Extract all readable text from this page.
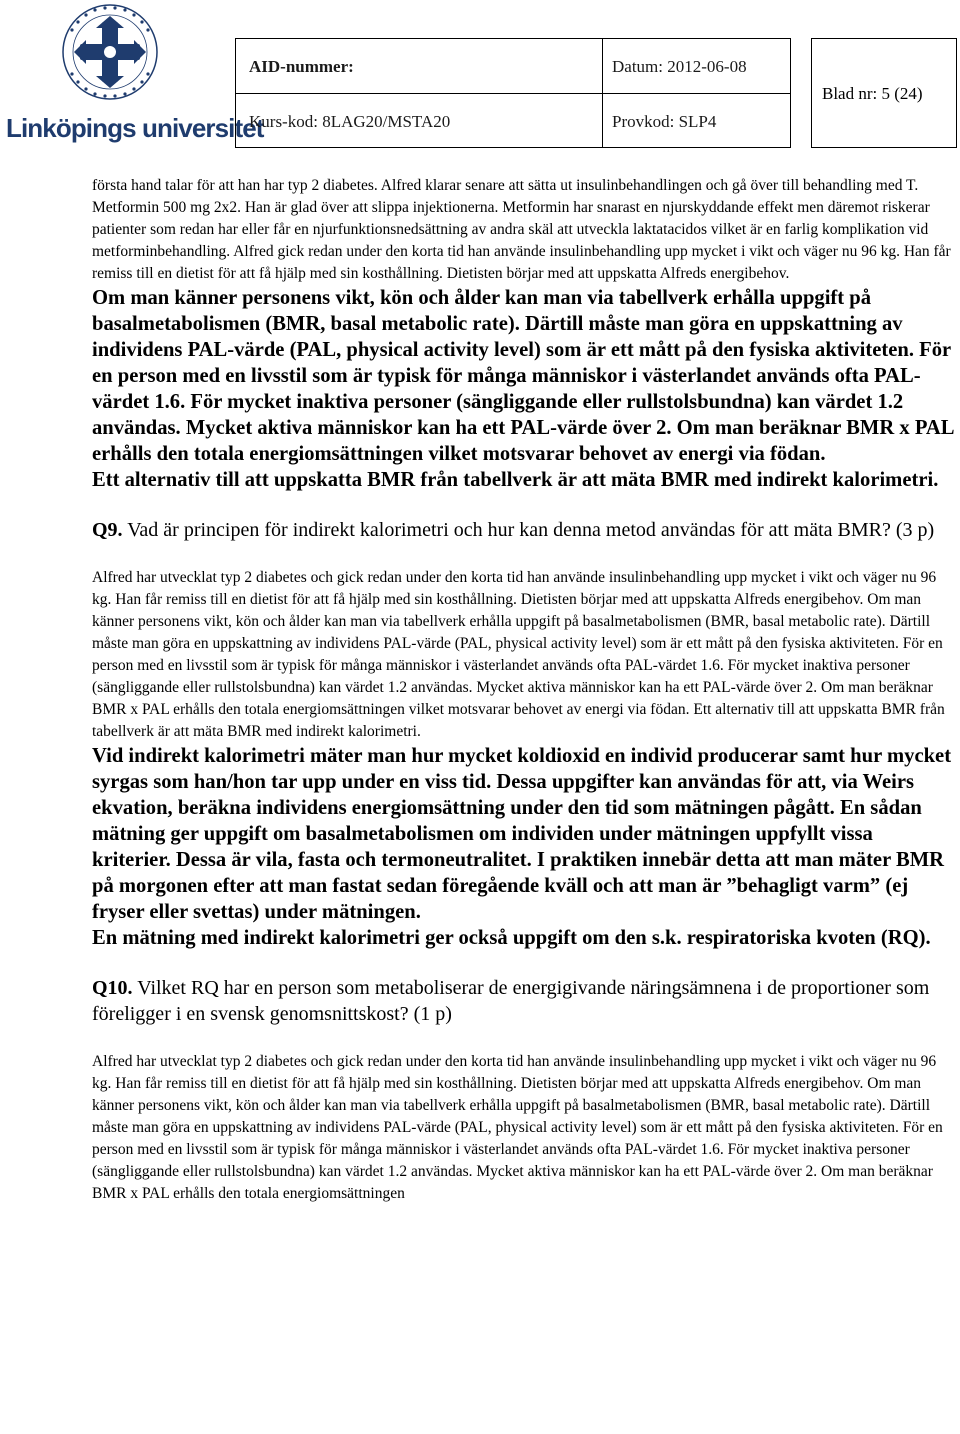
Linköpings universitet
AID-nummer:	Datum: 2012-06-08
Kurs-kod: 8LAG20/MSTA20	Provkod: SLP4
Blad nr: 5 (24)

första hand talar för att han har typ 2 diabetes. Alfred klarar senare att sätta ut insulinbehandlingen och gå över till behandling med T. Metformin 500 mg 2x2. Han är glad över att slippa injektionerna. Metformin har snarast en njurskyddande effekt men däremot riskerar patienter som redan har eller får en njurfunktionsnedsättning av andra skäl att utveckla laktatacidos vilket är en farlig komplikation vid metforminbehandling. Alfred gick redan under den korta tid han använde insulinbehandling upp mycket i vikt och väger nu 96 kg. Han får remiss till en dietist för att få hjälp med sin kosthållning. Dietisten börjar med att uppskatta Alfreds energibehov.

Om man känner personens vikt, kön och ålder kan man via tabellverk erhålla uppgift på basalmetabolismen (BMR, basal metabolic rate). Därtill måste man göra en uppskattning av individens PAL-värde (PAL, physical activity level) som är ett mått på den fysiska aktiviteten. För en person med en livsstil som är typisk för många människor i västerlandet används ofta PAL-värdet 1.6. För mycket inaktiva personer (sängliggande eller rullstolsbundna) kan värdet 1.2 användas. Mycket aktiva människor kan ha ett PAL-värde över 2. Om man beräknar BMR x PAL erhålls den totala energiomsättningen vilket motsvarar behovet av energi via födan.

Ett alternativ till att uppskatta BMR från tabellverk är att mäta BMR med indirekt kalorimetri.

Q9. Vad är principen för indirekt kalorimetri och hur kan denna metod användas för att mäta BMR? (3 p)

Alfred har utvecklat typ 2 diabetes och gick redan under den korta tid han använde insulinbehandling upp mycket i vikt och väger nu 96 kg. Han får remiss till en dietist för att få hjälp med sin kosthållning. Dietisten börjar med att uppskatta Alfreds energibehov. Om man känner personens vikt, kön och ålder kan man via tabellverk erhålla uppgift på basalmetabolismen (BMR, basal metabolic rate). Därtill måste man göra en uppskattning av individens PAL-värde (PAL, physical activity level) som är ett mått på den fysiska aktiviteten. För en person med en livsstil som är typisk för många människor i västerlandet används ofta PAL-värdet 1.6. För mycket inaktiva personer (sängliggande eller rullstolsbundna) kan värdet 1.2 användas. Mycket aktiva människor kan ha ett PAL-värde över 2. Om man beräknar BMR x PAL erhålls den totala energiomsättningen vilket motsvarar behovet av energi via födan. Ett alternativ till att uppskatta BMR från tabellverk är att mäta BMR med indirekt kalorimetri.

Vid indirekt kalorimetri mäter man hur mycket koldioxid en individ producerar samt hur mycket syrgas som han/hon tar upp under en viss tid. Dessa uppgifter kan användas för att, via Weirs ekvation, beräkna individens energiomsättning under den tid som mätningen pågått. En sådan mätning ger uppgift om basalmetabolismen om individen under mätningen uppfyllt vissa kriterier. Dessa är vila, fasta och termoneutralitet. I praktiken innebär detta att man mäter BMR på morgonen efter att man fastat sedan föregående kväll och att man är ”behagligt varm” (ej fryser eller svettas) under mätningen.

En mätning med indirekt kalorimetri ger också uppgift om den s.k. respiratoriska kvoten (RQ).

Q10. Vilket RQ har en person som metaboliserar de energigivande näringsämnena i de proportioner som föreligger i en svensk genomsnittskost? (1 p)

Alfred har utvecklat typ 2 diabetes och gick redan under den korta tid han använde insulinbehandling upp mycket i vikt och väger nu 96 kg. Han får remiss till en dietist för att få hjälp med sin kosthållning. Dietisten börjar med att uppskatta Alfreds energibehov. Om man känner personens vikt, kön och ålder kan man via tabellverk erhålla uppgift på basalmetabolismen (BMR, basal metabolic rate). Därtill måste man göra en uppskattning av individens PAL-värde (PAL, physical activity level) som är ett mått på den fysiska aktiviteten. För en person med en livsstil som är typisk för många människor i västerlandet används ofta PAL-värdet 1.6. För mycket inaktiva personer (sängliggande eller rullstolsbundna) kan värdet 1.2 användas. Mycket aktiva människor kan ha ett PAL-värde över 2. Om man beräknar BMR x PAL erhålls den totala energiomsättningen
